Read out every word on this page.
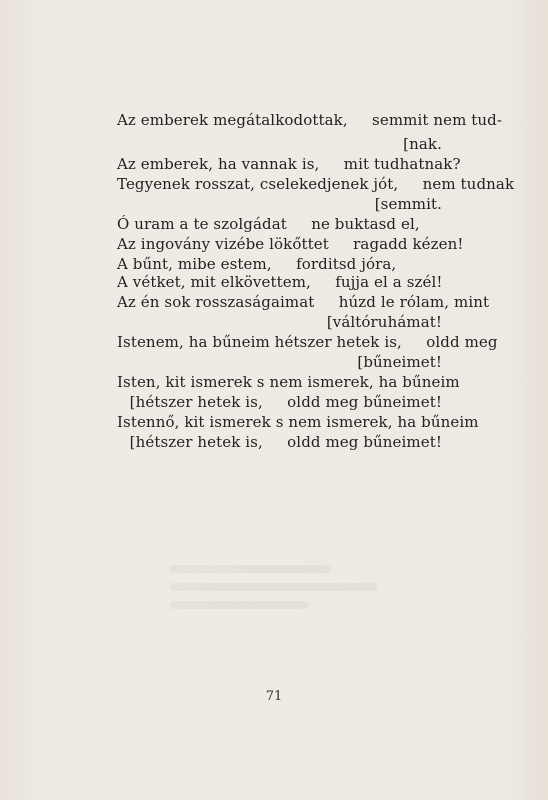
Az emberek megátalkodottak,     semmit nem tud-
[nak.
Az emberek, ha vannak is,     mit tudhatnak?
Tegyenek rosszat, cselekedjenek jót,     nem tudnak
[semmit.
Ó uram a te szolgádat     ne buktasd el,
Az ingovány vizébe lökőttet     ragadd kézen!
A bűnt, mibe estem,     forditsd jóra,
A vétket, mit elkövettem,     fujja el a szél!
Az én sok rosszaságaimat     húzd le rólam, mint
[váltóruhámat!
Istenem, ha bűneim hétszer hetek is,     oldd meg
[bűneimet!
Isten, kit ismerek s nem ismerek, ha bűneim
[hétszer hetek is,     oldd meg bűneimet!
Istennő, kit ismerek s nem ismerek, ha bűneim
[hétszer hetek is,     oldd meg bűneimet!
71
